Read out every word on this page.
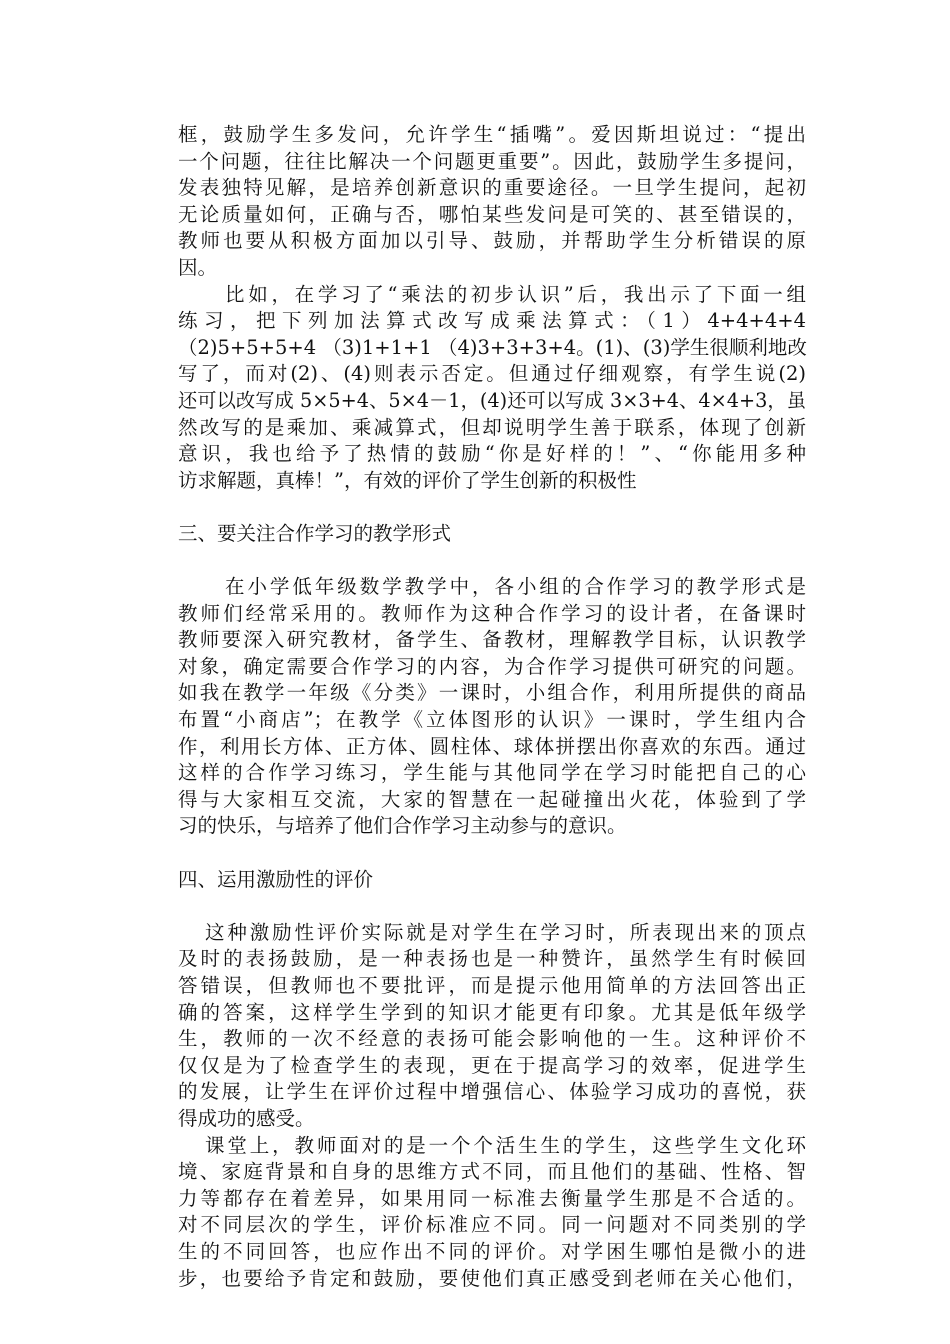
框，鼓励学生多发问，允许学生“插嘴”。爱因斯坦说过：“提出
一个问题，往往比解决一个问题更重要”。因此，鼓励学生多提问，
发表独特见解，是培养创新意识的重要途径。一旦学生提问，起初
无论质量如何，正确与否，哪怕某些发问是可笑的、甚至错误的，
教师也要从积极方面加以引导、鼓励，并帮助学生分析错误的原
因。
比如，在学习了“乘法的初步认识”后，我出示了下面一组
练习，把下列加法算式改写成乘法算式：（1）4+4+4+4
（2)5+5+5+4 （3)1+1+1 （4)3+3+3+4。(1)、(3)学生很顺利地改
写了，而对(2)、(4)则表示否定。但通过仔细观察，有学生说(2)
还可以改写成 5×5+4、5×4－1，(4)还可以写成 3×3+4、4×4+3，虽
然改写的是乘加、乘减算式，但却说明学生善于联系，体现了创新
意识，我也给予了热情的鼓励“你是好样的！”、“你能用多种
访求解题，真棒！”，有效的评价了学生创新的积极性
三、要关注合作学习的教学形式
在小学低年级数学教学中，各小组的合作学习的教学形式是
教师们经常采用的。教师作为这种合作学习的设计者，在备课时
教师要深入研究教材，备学生、备教材，理解教学目标，认识教学
对象，确定需要合作学习的内容，为合作学习提供可研究的问题。
如我在教学一年级《分类》一课时，小组合作，利用所提供的商品
布置“小商店”；在教学《立体图形的认识》一课时，学生组内合
作，利用长方体、正方体、圆柱体、球体拼摆出你喜欢的东西。通过
这样的合作学习练习，学生能与其他同学在学习时能把自己的心
得与大家相互交流，大家的智慧在一起碰撞出火花，体验到了学
习的快乐，与培养了他们合作学习主动参与的意识。
四、运用激励性的评价
这种激励性评价实际就是对学生在学习时，所表现出来的顶点
及时的表扬鼓励，是一种表扬也是一种赞许，虽然学生有时候回
答错误，但教师也不要批评，而是提示他用简单的方法回答出正
确的答案，这样学生学到的知识才能更有印象。尤其是低年级学
生，教师的一次不经意的表扬可能会影响他的一生。这种评价不
仅仅是为了检查学生的表现，更在于提高学习的效率，促进学生
的发展，让学生在评价过程中增强信心、体验学习成功的喜悦，获
得成功的感受。
课堂上，教师面对的是一个个活生生的学生，这些学生文化环
境、家庭背景和自身的思维方式不同，而且他们的基础、性格、智
力等都存在着差异，如果用同一标准去衡量学生那是不合适的。
对不同层次的学生，评价标准应不同。同一问题对不同类别的学
生的不同回答，也应作出不同的评价。对学困生哪怕是微小的进
步，也要给予肯定和鼓励，要使他们真正感受到老师在关心他们，
